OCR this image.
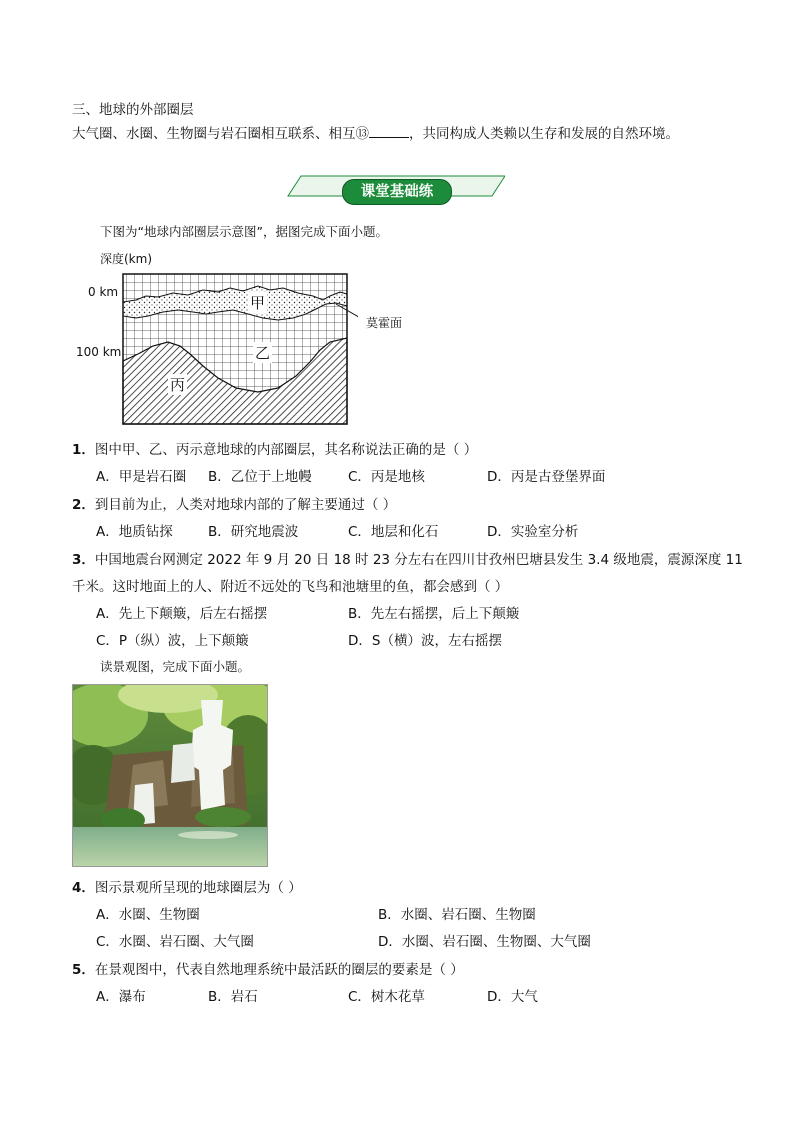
三、地球的外部圈层
大气圈、水圈、生物圈与岩石圈相互联系、相互⑬	，共同构成人类赖以生存和发展的自然环境。
课堂基础练
下图为“地球内部圈层示意图”，据图完成下面小题。
深度(km)
0 km
100 km
甲
乙
丙
莫霍面
1．图中甲、乙、丙示意地球的内部圈层，其名称说法正确的是（ ）
A．甲是岩石圈 B．乙位于上地幔	C．丙是地核	D．丙是古登堡界面
2．到目前为止，人类对地球内部的了解主要通过（ ）
A．地质钻探	B．研究地震波	C．地层和化石	D．实验室分析
3．中国地震台网测定 2022 年 9 月 20 日 18 时 23 分左右在四川甘孜州巴塘县发生 3.4 级地震，震源深度 11
千米。这时地面上的人、附近不远处的飞鸟和池塘里的鱼，都会感到（ ）
A．先上下颠簸，后左右摇摆	B．先左右摇摆，后上下颠簸
C．P（纵）波，上下颠簸	D．S（横）波，左右摇摆
读景观图，完成下面小题。
4．图示景观所呈现的地球圈层为（ ）
A．水圈、生物圈	B．水圈、岩石圈、生物圈
C．水圈、岩石圈、大气圈	D．水圈、岩石圈、生物圈、大气圈
5．在景观图中，代表自然地理系统中最活跃的圈层的要素是（ ）
A．瀑布	B．岩石	C．树木花草	D．大气
